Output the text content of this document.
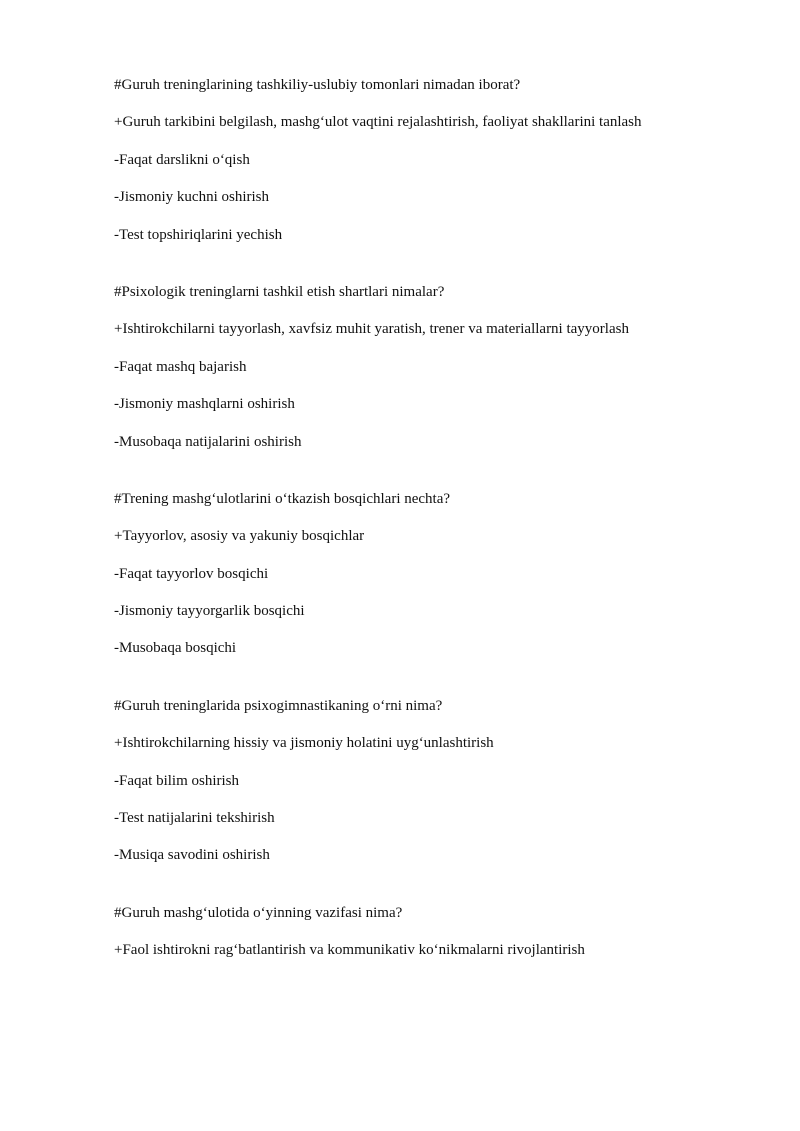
#Guruh treninglarining tashkiliy-uslubiy tomonlari nimadan iborat?
+Guruh tarkibini belgilash, mashg‘ulot vaqtini rejalashtirish, faoliyat shakllarini tanlash
-Faqat darslikni o‘qish
-Jismoniy kuchni oshirish
-Test topshiriqlarini yechish
#Psixologik treninglarni tashkil etish shartlari nimalar?
+Ishtirokchilarni tayyorlash, xavfsiz muhit yaratish, trener va materiallarni tayyorlash
-Faqat mashq bajarish
-Jismoniy mashqlarni oshirish
-Musobaqa natijalarini oshirish
#Trening mashg‘ulotlarini o‘tkazish bosqichlari nechta?
+Tayyorlov, asosiy va yakuniy bosqichlar
-Faqat tayyorlov bosqichi
-Jismoniy tayyorgarlik bosqichi
-Musobaqa bosqichi
#Guruh treninglarida psixogimnastikaning o‘rni nima?
+Ishtirokchilarning hissiy va jismoniy holatini uyg‘unlashtirish
-Faqat bilim oshirish
-Test natijalarini tekshirish
-Musiqa savodini oshirish
#Guruh mashg‘ulotida o‘yinning vazifasi nima?
+Faol ishtirokni rag‘batlantirish va kommunikativ ko‘nikmalarni rivojlantirish
